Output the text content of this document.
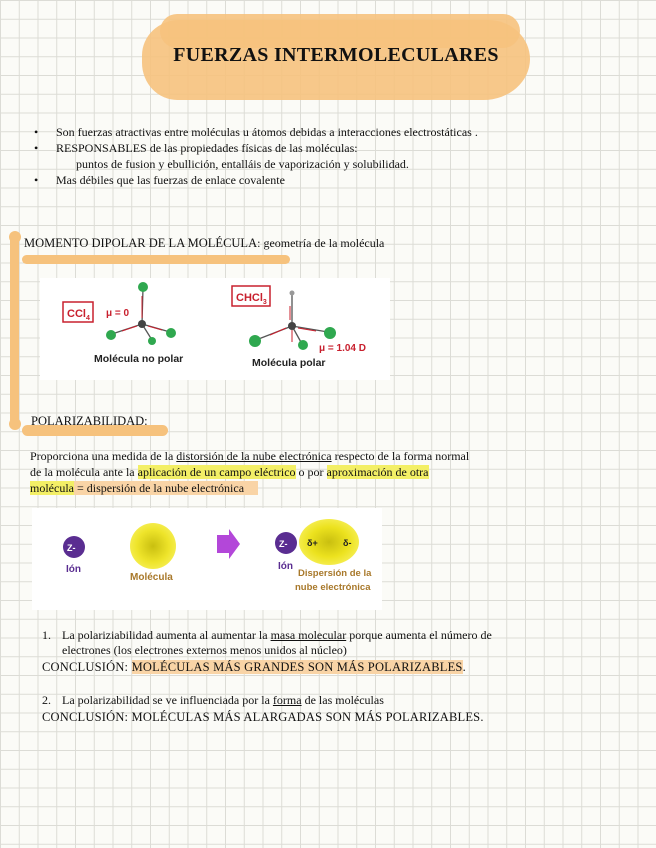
FUERZAS INTERMOLECULARES
• Son fuerzas atractivas entre moléculas u átomos debidas a interacciones electrostáticas .
• RESPONSABLES de las propiedades físicas de las moléculas:
puntos de fusion y ebullición, entalláis de vaporización y solubilidad.
• Mas débiles que las fuerzas de enlace covalente
MOMENTO DIPOLAR DE LA MOLÉCULA: geometría de la molécula
CCl$_4$ μ = 0
Molécula no polar
CHCl$_3$
μ = 1.04 D
Molécula polar
POLARIZABILIDAD:
Proporciona una medida de la distorsión de la nube electrónica respecto de la forma normal
de la molécula ante la aplicación de un campo eléctrico o por aproximación de otra
molécula = dispersión de la nube electrónica
Z-
Ión
Molécula
Z- δ+	δ-
Ión
Dispersión de la
nube electrónica
1. La polariziabilidad aumenta al aumentar la masa molecular porque aumenta el número de
electrones (los electrones externos menos unidos al núcleo)
CONCLUSIÓN: MOLÉCULAS MÁS GRANDES SON MÁS POLARIZABLES.
2. La polarizabilidad se ve influenciada por la forma de las moléculas
CONCLUSIÓN: MOLÉCULAS MÁS ALARGADAS SON MÁS POLARIZABLES.
